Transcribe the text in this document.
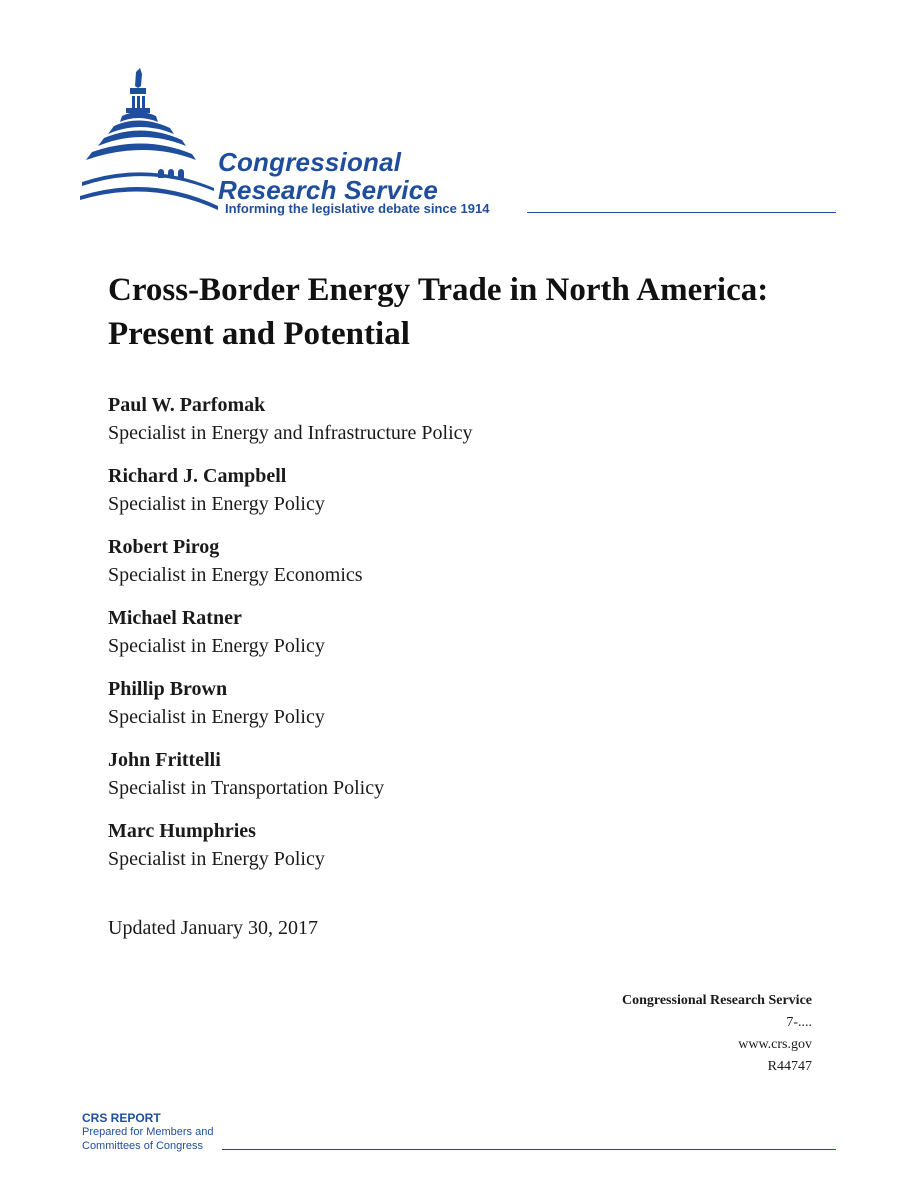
Congressional
Research Service
Informing the legislative debate since 1914
Cross-Border Energy Trade in North America:
Present and Potential
Paul W. Parfomak
Specialist in Energy and Infrastructure Policy
Richard J. Campbell
Specialist in Energy Policy
Robert Pirog
Specialist in Energy Economics
Michael Ratner
Specialist in Energy Policy
Phillip Brown
Specialist in Energy Policy
John Frittelli
Specialist in Transportation Policy
Marc Humphries
Specialist in Energy Policy
Updated January 30, 2017
Congressional Research Service
7-....
www.crs.gov
R44747
CRS REPORT
Prepared for Members and
Committees of Congress
